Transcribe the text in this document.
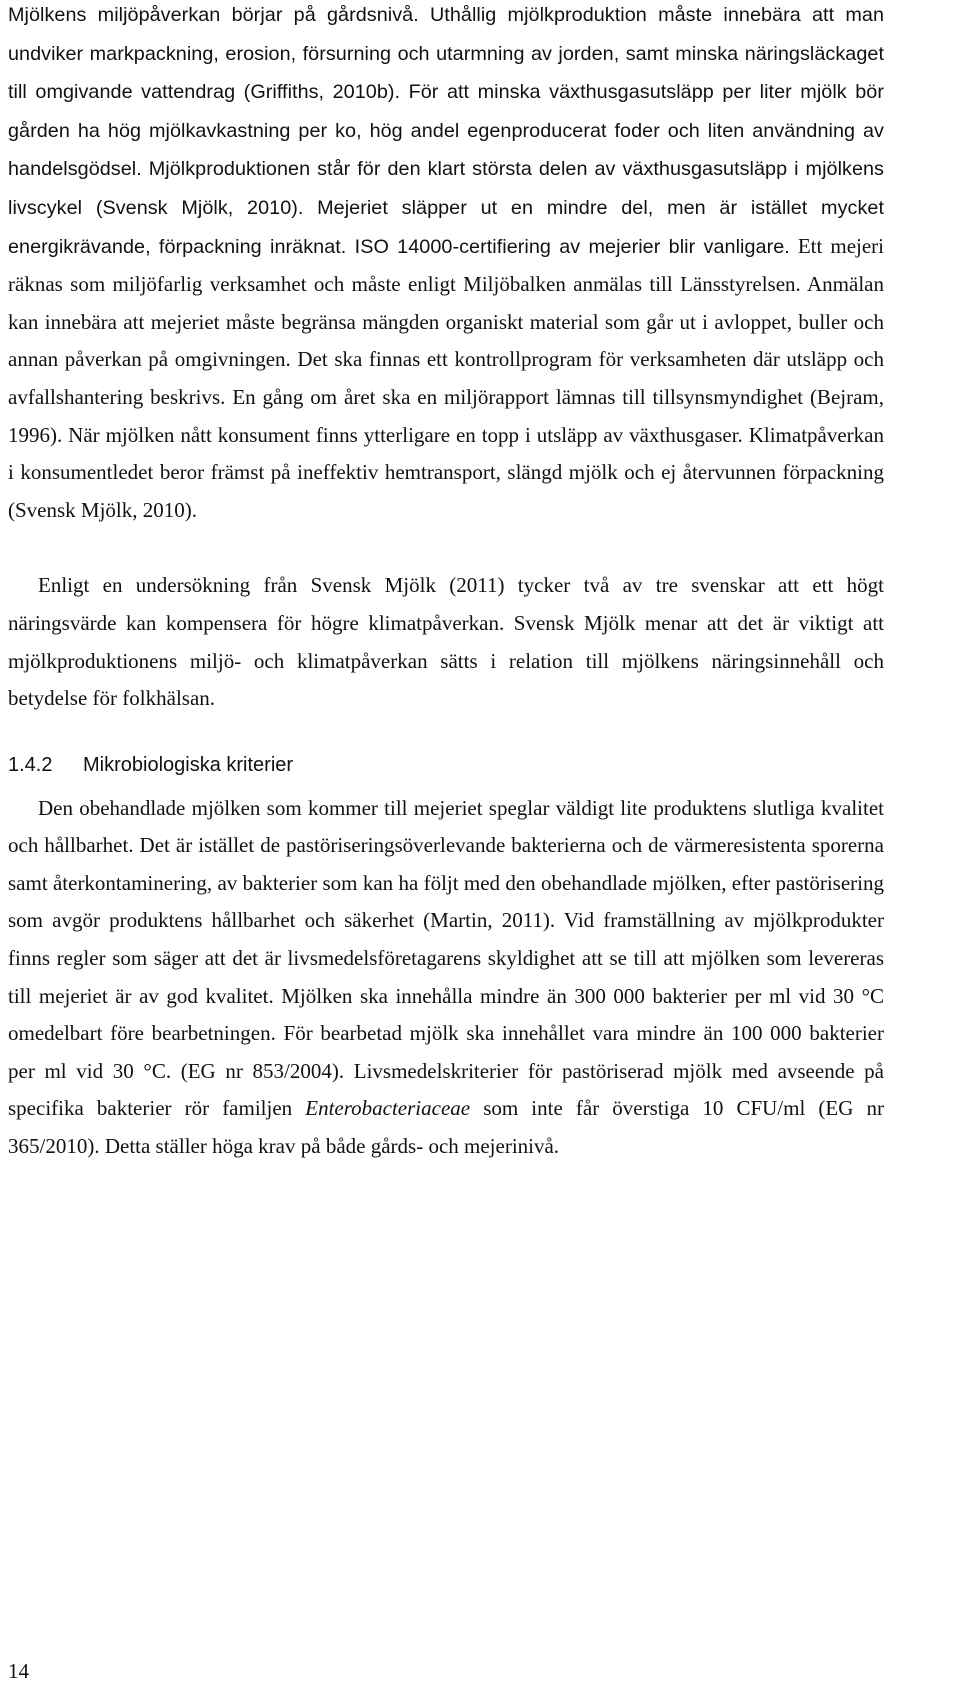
Mjölkens miljöpåverkan börjar på gårdsnivå. Uthållig mjölkproduktion måste innebära att man undviker markpackning, erosion, försurning och utarmning av jorden, samt minska näringsläckaget till omgivande vattendrag (Griffiths, 2010b). För att minska växthusgasutsläpp per liter mjölk bör gården ha hög mjölkavkastning per ko, hög andel egenproducerat foder och liten användning av handelsgödsel. Mjölkproduktionen står för den klart största delen av växthusgasutsläpp i mjölkens livscykel (Svensk Mjölk, 2010). Mejeriet släpper ut en mindre del, men är istället mycket energikrävande, förpackning inräknat. ISO 14000-certifiering av mejerier blir vanligare. Ett mejeri räknas som miljöfarlig verksamhet och måste enligt Miljöbalken anmälas till Länsstyrelsen. Anmälan kan innebära att mejeriet måste begränsa mängden organiskt material som går ut i avloppet, buller och annan påverkan på omgivningen. Det ska finnas ett kontrollprogram för verksamheten där utsläpp och avfallshantering beskrivs. En gång om året ska en miljörapport lämnas till tillsynsmyndighet (Bejram, 1996). När mjölken nått konsument finns ytterligare en topp i utsläpp av växthusgaser. Klimatpåverkan i konsumentledet beror främst på ineffektiv hemtransport, slängd mjölk och ej återvunnen förpackning (Svensk Mjölk, 2010).

Enligt en undersökning från Svensk Mjölk (2011) tycker två av tre svenskar att ett högt näringsvärde kan kompensera för högre klimatpåverkan. Svensk Mjölk menar att det är viktigt att mjölkproduktionens miljö- och klimatpåverkan sätts i relation till mjölkens näringsinnehåll och betydelse för folkhälsan.

1.4.2 Mikrobiologiska kriterier

Den obehandlade mjölken som kommer till mejeriet speglar väldigt lite produktens slutliga kvalitet och hållbarhet. Det är istället de pastöriseringsöverlevande bakterierna och de värmeresistenta sporerna samt återkontaminering, av bakterier som kan ha följt med den obehandlade mjölken, efter pastörisering som avgör produktens hållbarhet och säkerhet (Martin, 2011). Vid framställning av mjölkprodukter finns regler som säger att det är livsmedelsföretagarens skyldighet att se till att mjölken som levereras till mejeriet är av god kvalitet. Mjölken ska innehålla mindre än 300 000 bakterier per ml vid 30 °C omedelbart före bearbetningen. För bearbetad mjölk ska innehållet vara mindre än 100 000 bakterier per ml vid 30 °C. (EG nr 853/2004). Livsmedelskriterier för pastöriserad mjölk med avseende på specifika bakterier rör familjen Enterobacteriaceae som inte får överstiga 10 CFU/ml (EG nr 365/2010). Detta ställer höga krav på både gårds- och mejerinivå.

14
